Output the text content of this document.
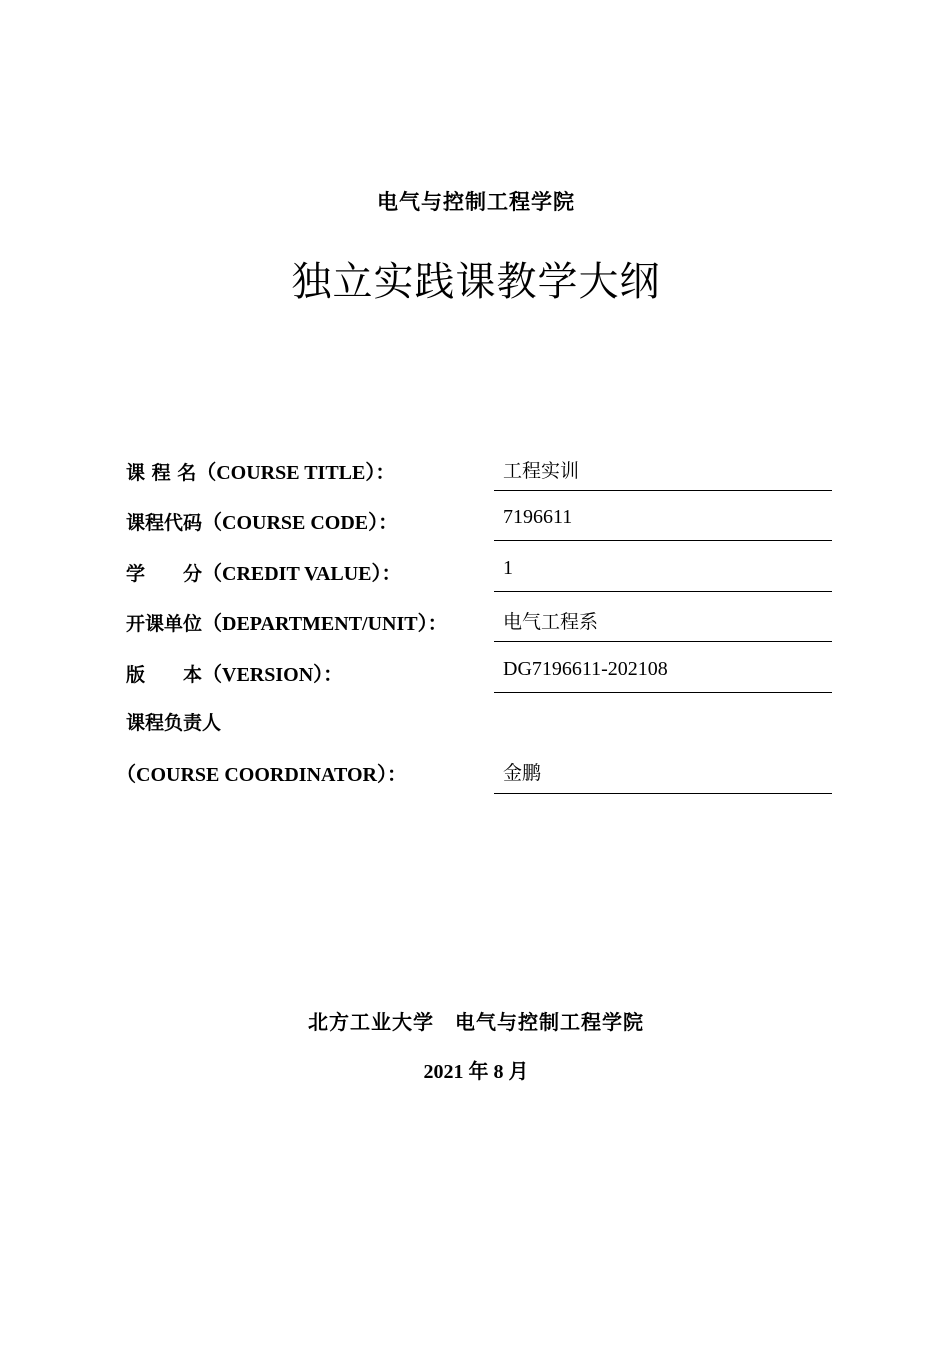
电气与控制工程学院
独立实践课教学大纲
课 程 名（COURSE TITLE）：	工程实训
课程代码（COURSE CODE）：	7196611
学　　分（CREDIT VALUE）：	1
开课单位（DEPARTMENT/UNIT）：	电气工程系
版　　本（VERSION）：	DG7196611-202108
课程负责人
（COURSE COORDINATOR）：	金鹏
北方工业大学　电气与控制工程学院
2021 年 8 月
